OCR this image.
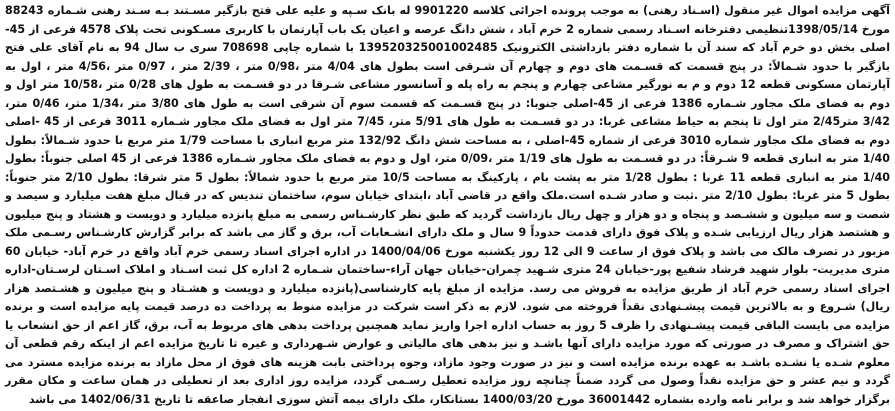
آگهی مزایده اموال غیر منقول (اسـناد رهنی) به موجب پرونده اجرائی کلاسه 9901220 له بانک سـپه و علیه علی فتح بازگیر مسـتند بـه سـند رهنی شـماره 88243 مورخ 1398/05/14تنظیمی دفترخانه اسـناد رسمی شماره 2 خرم آباد ، شش دانگ عرصه و اعیان یک باب آپارتمان با کاربری مسـکونی تحت پلاک 4578 فرعی از 45-اصلی بخش دو خرم آباد که سند آن با شماره دفتر بازداشتی الکترونیک 139520325001002485 با شماره چاپی 708698 سری ب سال 94 به نام آقای علی فتح بازگیر با حدود شـمالاً: در پنج قسمت که قسـمت های دوم و چهارم آن شـرقی است بطول های 4/04 متر ،0/98 متر ، 2/39 متر ، 0/97 متر ،4/56 متر ، اول به آپارتمان مسکونی قطعه 12 دوم و م به نورگیر مشاعی چهارم و پنجم به راه پله و آسانسور مشاعی شـرقا در دو قسـمت به طول های 0/28 متر ،10/58 متر اول و دوم به فضای ملک مجاور شـماره 1386 فرعی از 45-اصلی جنوبا: در پنج قسـمت که قسمت سوم آن شرقی است به طول های 3/80 متر ،1/34 متر، 0/46 متر، 3/42 متر2/45 متر اول تا پنجم به حیاط مشاعی غربا: در دو قسـمت به طول های 5/91 متر، 7/45 متر اول به فضای ملک مجاور شـماره 3011 فرعی از 45 -اصلی دوم به فضای ملک مجاور شماره 3010 فرعی از شماره 45-اصلی ، به مساحت شش دانگ 132/92 متر مربع انباری با مساحت 1/79 متر مربع با حدود شـمالاً: بطول 1/40 متر به انباری قطعه 9 شـرقاً: در دو قسـمت به طول های 1/19 متر ،0/09 متر، اول و دوم به فضای ملک مجاور شـماره 1386 فرعی از 45 اصلی جنوباً: بطول 1/40 متر به انباری قطعه 11 غربا : بطول 1/28 متر به پشت بام ، پارکینگ به مساحت 10/5 متر مربع با حدود شمالاً: بطول 5 متر شرقا: بطول 2/10 متر جنوباً: بطول 5 متر غربا: بطول 2/10 متر .ثبت و صادر شـده است.ملک واقع در قاضی آباد ،ابتدای خیابان سوم، ساختمان تندیس که در قبال مبلغ هفت میلیارد و سیصد و شصت و سه میلیون و ششـصد و پنجاه و دو هزار و چهل ریال بازداشت گردید که طبق نظر کارشـناس رسمی به مبلغ پانزده میلیارد و دویست و هشتاد و پنج میلیون و هشتصد هزار ریال ارزیابی شـده و پلاک فوق دارای قدمت حدوداً 9 سال و ملک دارای انشـعابات آب، برق و گاز می باشد که برابر گزارش کارشـناس رسـمی ملک مزبور در تصرف مالک می باشد و پلاک فوق از ساعت 9 الی 12 روز یکشنبه مورخ 1400/04/06 در اداره اجرای اسناد رسمی خرم آباد واقع در خرم آباد- خیابان 60 متری مدیریت- بلوار شهید فرشاد شفیع پور-خیابان 24 متری شـهید چمران-خیابان جهان آراء-ساختمان شـماره 2 اداره کل ثبت اسـناد و املاک اسـتان لرسـتان-اداره اجرای اسناد رسمی خرم آباد از طریق مزایده به فروش می رسد. مزایده از مبلغ پایه کارشناسی(پانزده میلیارد و دویست و هشـتاد و پنج میلیون و هشـتصد هزار ریال) شـروع و به بالاترین قیمت پیشـنهادی نقداً فروخته می شود. لازم به ذکر است شرکت در مزایده منوط به پرداخت ده درصد قیمت پایه مزایده است و برنده مزایده می بایست الباقی قیمت پیشـنهادی را ظرف 5 روز به حساب اداره اجرا واریز نماید همچنین پرداخت بدهی های مربوط به آب، برق، گاز اعم از حق انشعاب یا حق اشتراک و مصرف در صورتی که مورد مزایده دارای آنها باشـد و نیز بدهی های مالیاتی و عوارض شـهرداری و غیره تا تاریخ مزایده اعم از اینکه رقم قطعی آن معلوم شـده یا نشـده باشـد به عهده برنده مزایده است و نیز در صورت وجود مازاد، وجوه پرداختی بابت هزینه های فوق از محل مازاد به برنده مزایده مسترد می گردد و نیم عشر و حق مزایده نقداً وصول می گردد ضمناً چنانچه روز مزایده تعطیل رسـمی گردد، مزایده روز اداری بعد از تعطیلی در همان ساعت و مکان مقرر برگزار خواهد شد و برابر نامه وارده بشماره 36001442 مورخ 1400/03/20 بستانکار، ملک دارای بیمه آتش سوزی انفجار صاعقه تا تاریخ 1402/06/31 می باشد
